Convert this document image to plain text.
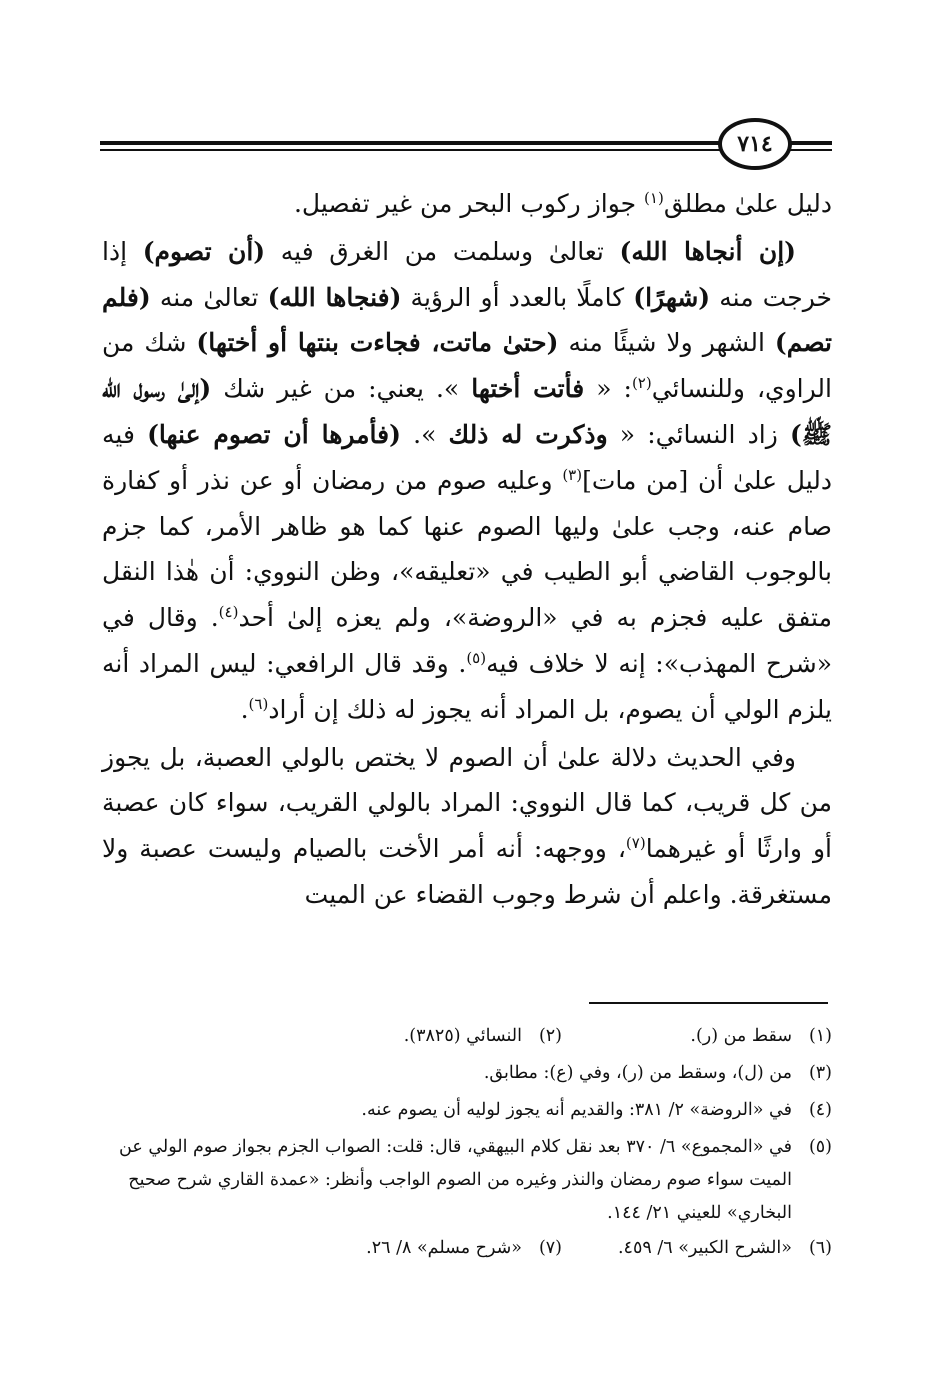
٧١٤

دليل علىٰ مطلق$^{(١)}$ جواز ركوب البحر من غير تفصيل.

(إن أنجاها الله) تعالىٰ وسلمت من الغرق فيه (أن تصوم) إذا خرجت منه (شهرًا) كاملًا بالعدد أو الرؤية (فنجاها الله) تعالىٰ منه (فلم تصم) الشهر ولا شيئًا منه (حتىٰ ماتت، فجاءت بنتها أو أختها) شك من الراوي، وللنسائي$^{(٢)}$: « فأتت أختها ». يعني: من غير شك (إلىٰ رسول الله ﷺ) زاد النسائي: « وذكرت له ذلك ». (فأمرها أن تصوم عنها) فيه دليل علىٰ أن [من مات]$^{(٣)}$ وعليه صوم من رمضان أو عن نذر أو كفارة صام عنه، وجب علىٰ وليها الصوم عنها كما هو ظاهر الأمر، كما جزم بالوجوب القاضي أبو الطيب في «تعليقه»، وظن النووي: أن هٰذا النقل متفق عليه فجزم به في «الروضة»، ولم يعزه إلىٰ أحد$^{(٤)}$. وقال في «شرح المهذب»: إنه لا خلاف فيه$^{(٥)}$. وقد قال الرافعي: ليس المراد أنه يلزم الولي أن يصوم، بل المراد أنه يجوز له ذلك إن أراد$^{(٦)}$.

وفي الحديث دلالة علىٰ أن الصوم لا يختص بالولي العصبة، بل يجوز من كل قريب، كما قال النووي: المراد بالولي القريب، سواء كان عصبة أو وارثًا أو غيرهما$^{(٧)}$، ووجهه: أنه أمر الأخت بالصيام وليست عصبة ولا مستغرقة. واعلم أن شرط وجوب القضاء عن الميت

(١)
سقط من (ر).
(٢)
النسائي (٣٨٢٥).
(٣)
من (ل)، وسقط من (ر)، وفي (ع): مطابق.
(٤)
في «الروضة» ٢/ ٣٨١: والقديم أنه يجوز لوليه أن يصوم عنه.
(٥)
في «المجموع» ٦/ ٣٧٠ بعد نقل كلام البيهقي، قال: قلت: الصواب الجزم بجواز صوم الولي عن الميت سواء صوم رمضان والنذر وغيره من الصوم الواجب وأنظر: «عمدة القاري شرح صحيح البخاري» للعيني ٢١/ ١٤٤.
(٦)
«الشرح الكبير» ٦/ ٤٥٩.
(٧)
«شرح مسلم» ٨/ ٢٦.
